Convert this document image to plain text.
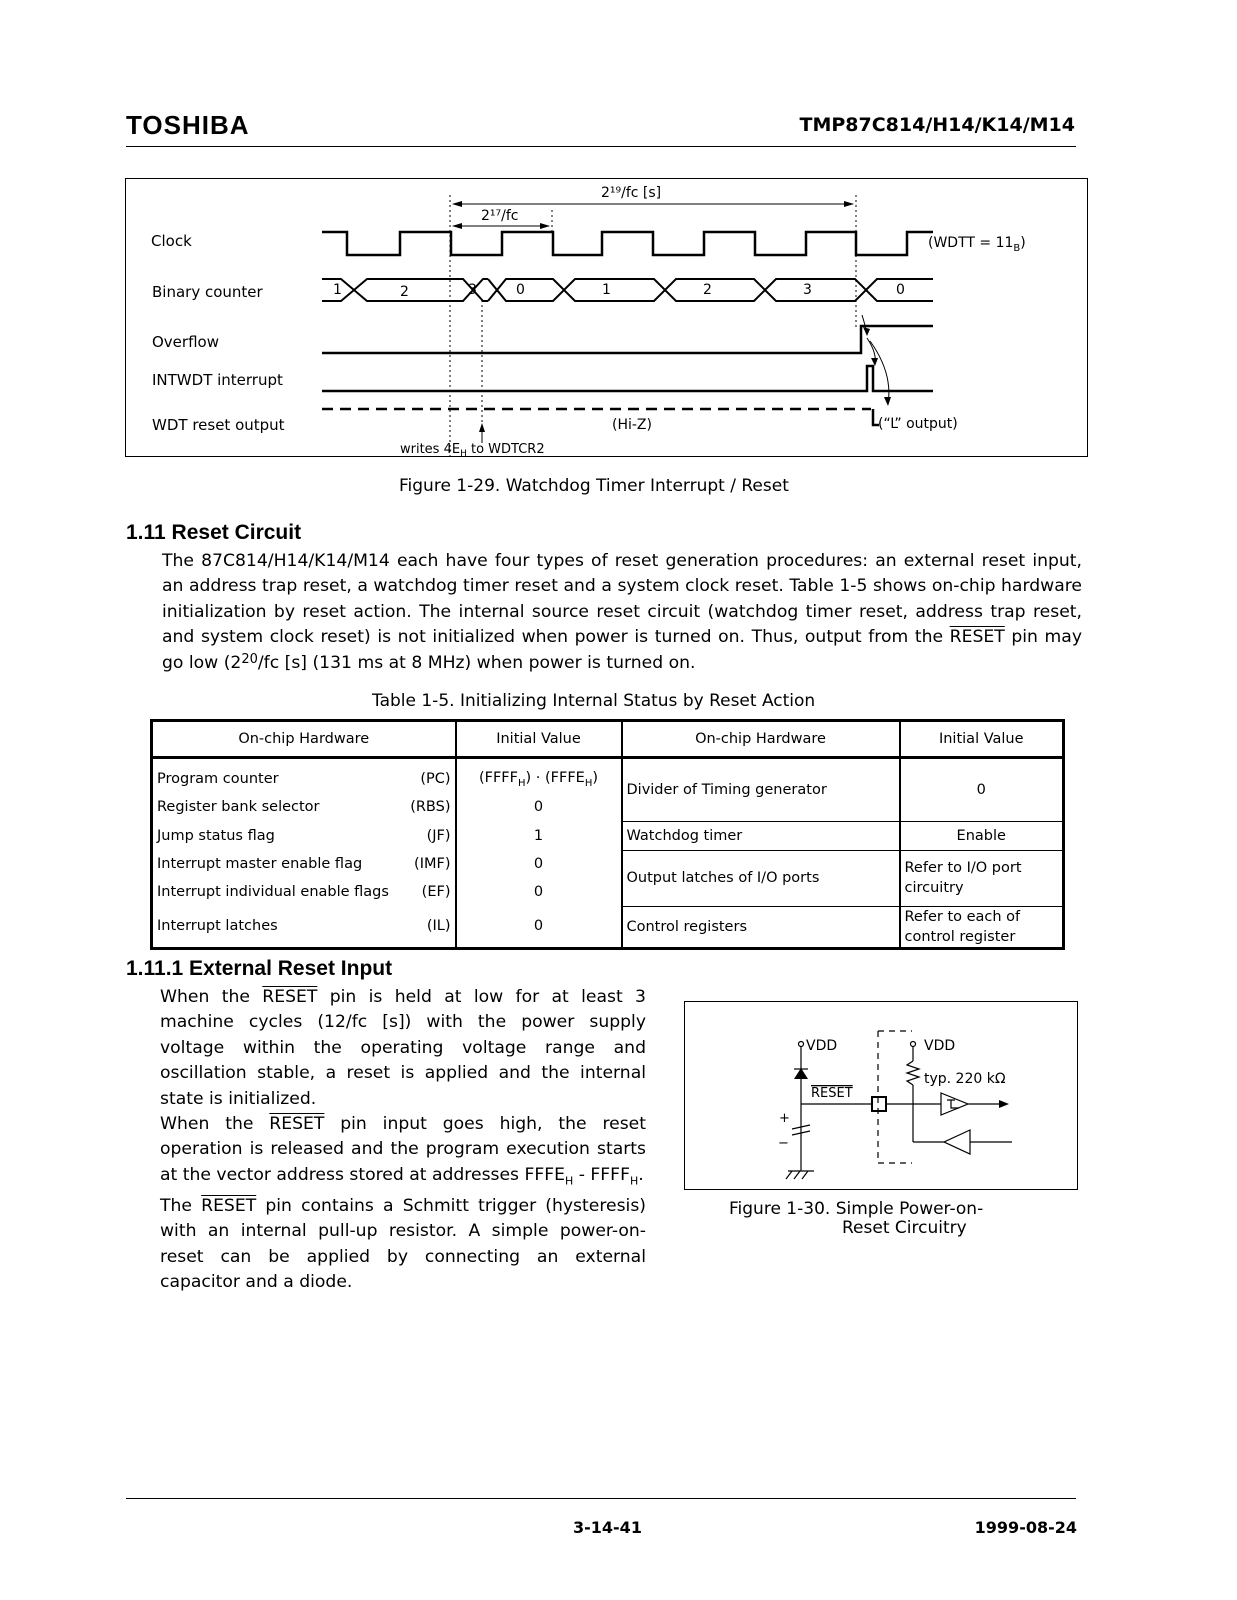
TOSHIBA	TMP87C814/H14/K14/M14
Clock
Binary counter
Overflow
INTWDT interrupt
WDT reset output
2¹⁹/fc [s]
2¹⁷/fc
(WDTT = $11_B$)
1	2	3	0	1	2	3	0
(Hi-Z)	(“L” output)
writes $4E_H$ to WDTCR2
Figure 1-29. Watchdog Timer Interrupt / Reset
1.11 Reset Circuit

The 87C814/H14/K14/M14 each have four types of reset generation procedures: an external reset input, an address trap reset, a watchdog timer reset and a system clock reset. Table 1-5 shows on-chip hardware initialization by reset action. The internal source reset circuit (watchdog timer reset, address trap reset, and system clock reset) is not initialized when power is turned on. Thus, output from the RESET pin may go low ($2^{20}/fc$ [s] (131 ms at 8 MHz) when power is turned on.

Table 1-5. Initializing Internal Status by Reset Action
On-chip Hardware	Initial Value	On-chip Hardware	Initial Value

Program counter (PC)	$(FFFF_H)$ · $(FFFE_H)$	Divider of Timing generator	0

Register bank selector (RBS)	0		

Jump status flag (JF)	1	Watchdog timer	Enable

Interrupt master enable flag (IMF)	0	Output latches of I/O ports	Refer to I/O port circuitry

Interrupt individual enable flags (EF)	0		

Interrupt latches (IL)	0	Control registers	Refer to each of control register
1.11.1 External Reset Input

When the RESET pin is held at low for at least 3 machine cycles (12/fc [s]) with the power supply voltage within the operating voltage range and oscillation stable, a reset is applied and the internal state is initialized.

When the RESET pin input goes high, the reset operation is released and the program execution starts at the vector address stored at addresses $FFFE_H$ - $FFFF_H$.

The RESET pin contains a Schmitt trigger (hysteresis) with an internal pull-up resistor. A simple power-on-reset can be applied by connecting an external capacitor and a diode.

VDD	VDD
typ. 220 kΩ
RESET
+
−
Figure 1-30. Simple Power-on-
Reset Circuitry
3-14-41	1999-08-24
